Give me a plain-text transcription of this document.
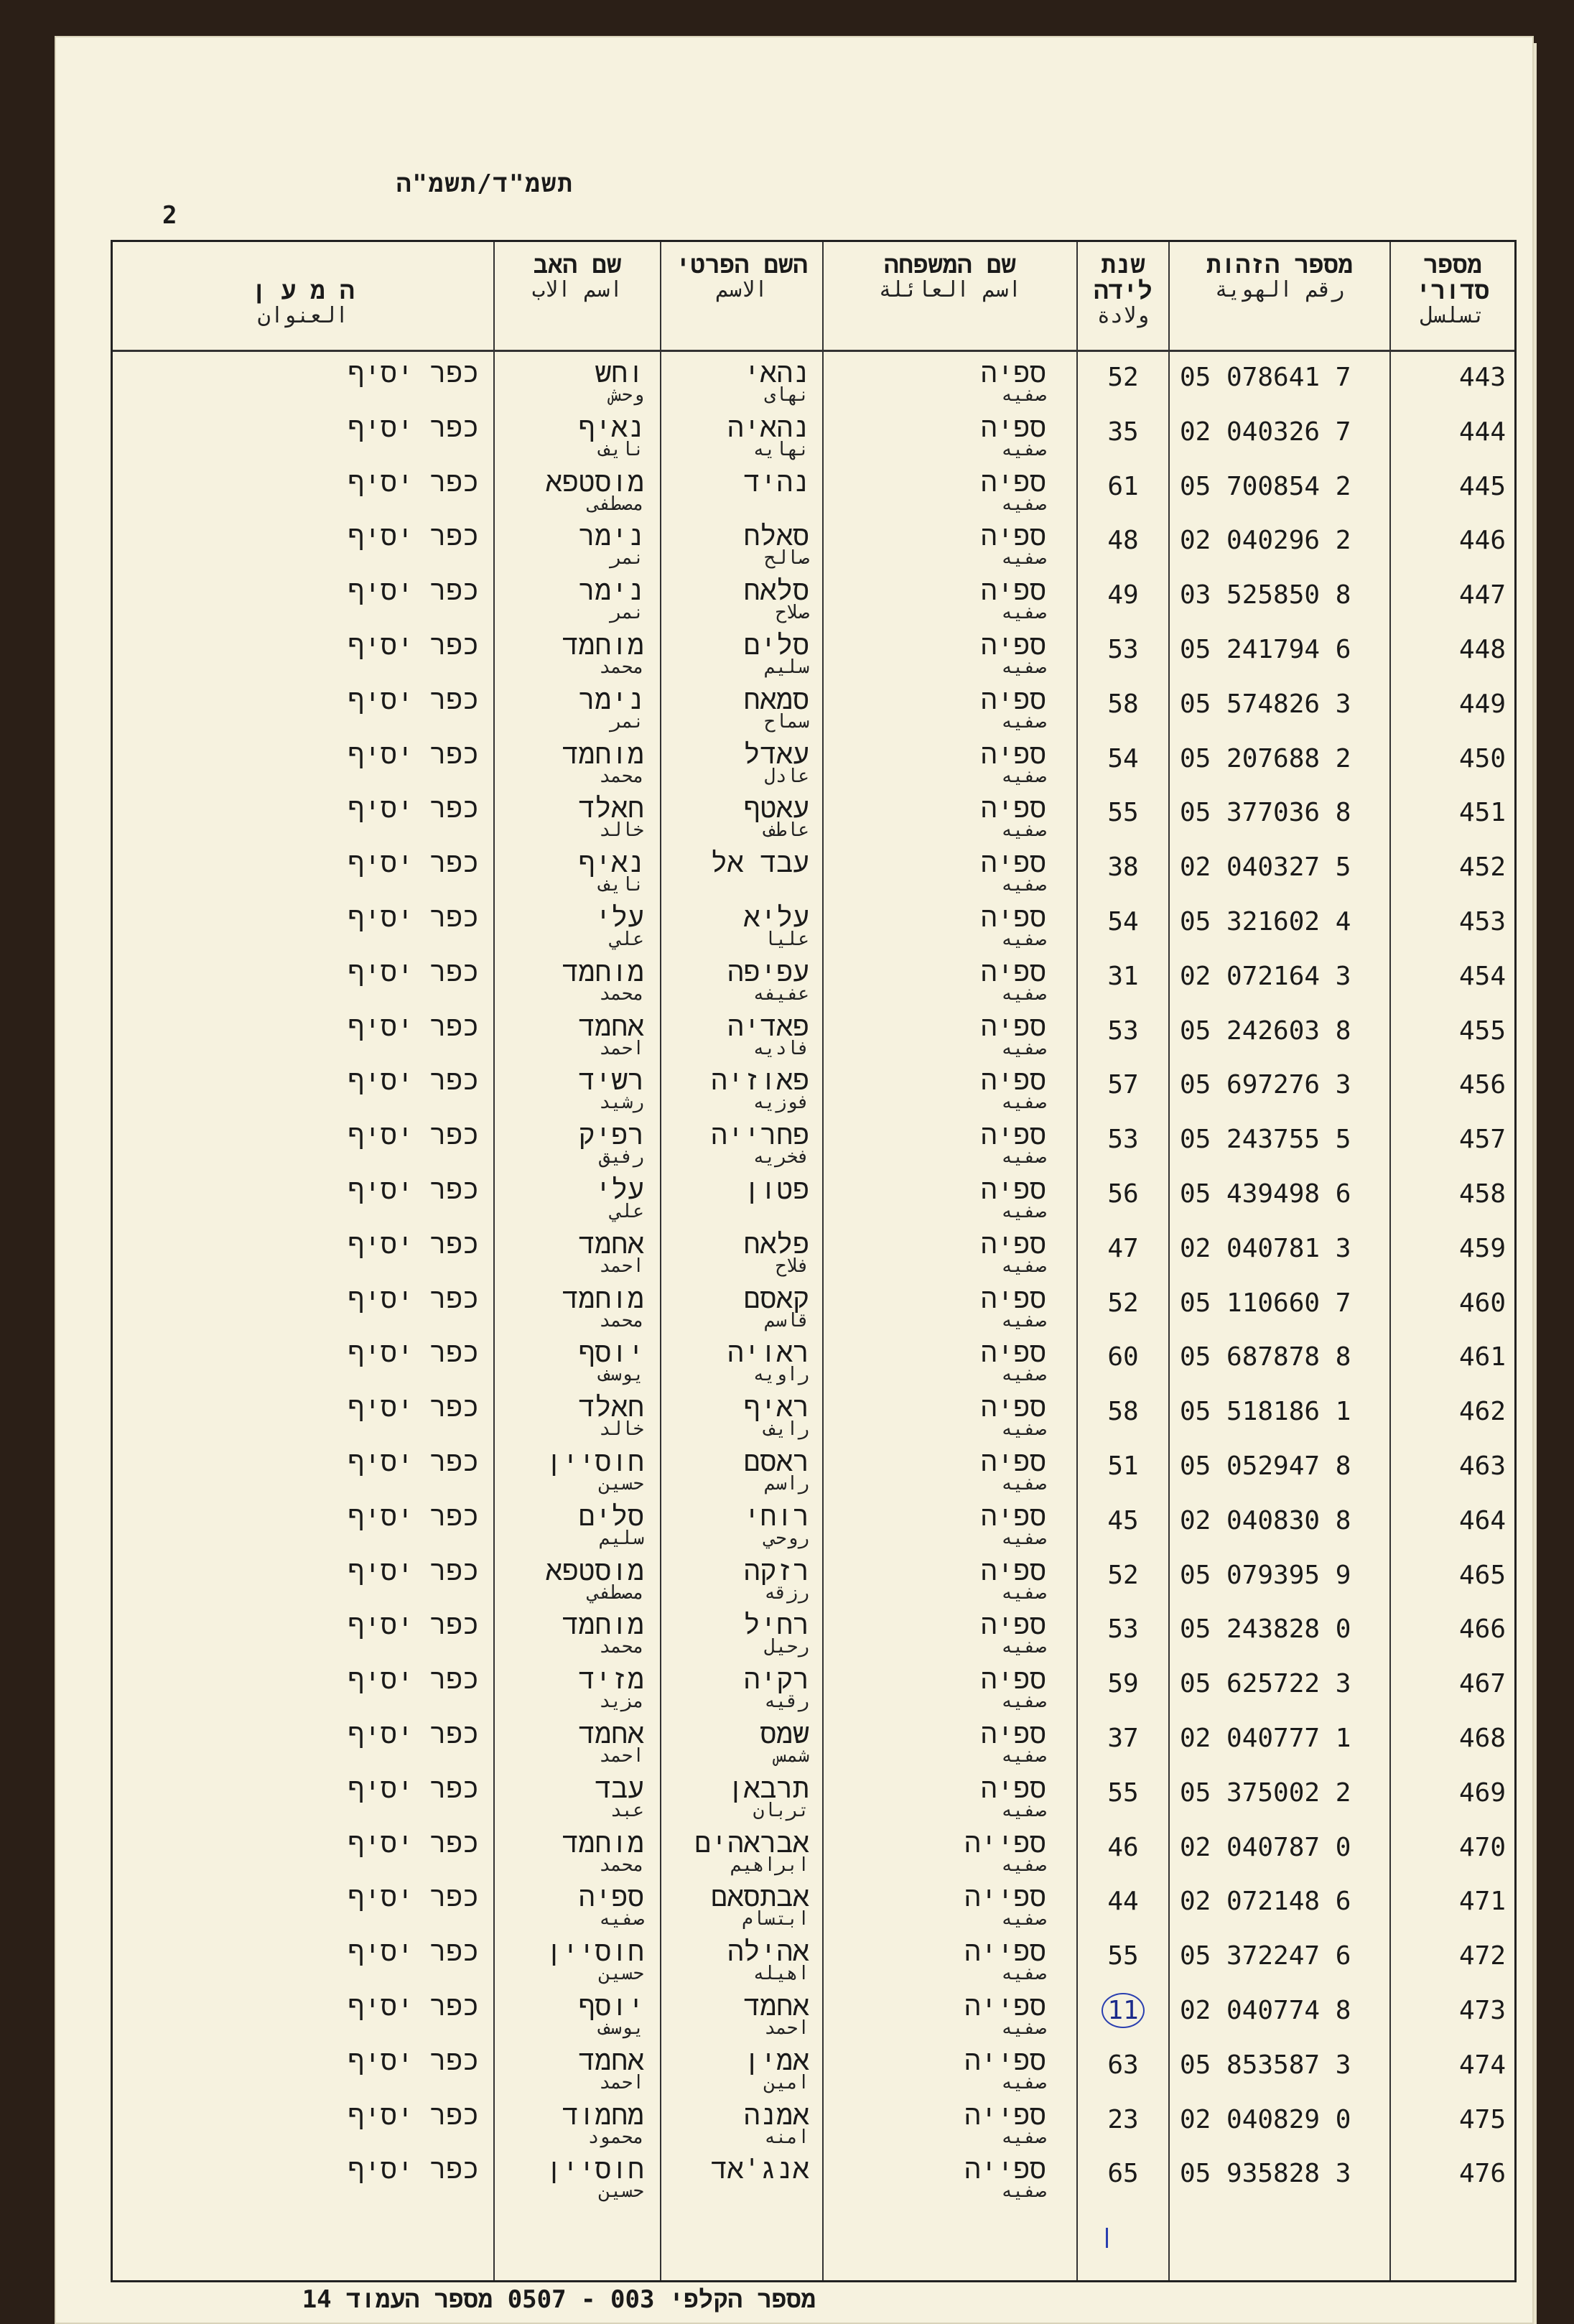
תשמ"ד/תשמ"ה
2
מספר סדורי
تسلسل
מספר הזהות
رقم الهوية
שנת לידה
ولادة
שם המשפחה
اسم العائلة
השם הפרטי
الاسم
שם האב
اسم الاب
ה מ ע ן
العنوان
443
05 078641 7
52
ספיה
صفيه
נהאי
نهاى
וחש
وحش
כפר יסיף
444
02 040326 7
35
ספיה
صفيه
נהאיה
نهايه
נאיף
نايف
כפר יסיף
445
05 700854 2
61
ספיה
صفيه
נהיד
מוסטפא
مصطفى
כפר יסיף
446
02 040296 2
48
ספיה
صفيه
סאלח
صالح
נימר
نمر
כפר יסיף
447
03 525850 8
49
ספיה
صفيه
סלאח
صلاح
נימר
نمر
כפר יסיף
448
05 241794 6
53
ספיה
صفيه
סלים
سليم
מוחמד
محمد
כפר יסיף
449
05 574826 3
58
ספיה
صفيه
סמאח
سماح
נימר
نمر
כפר יסיף
450
05 207688 2
54
ספיה
صفيه
עאדל
عادل
מוחמד
محمد
כפר יסיף
451
05 377036 8
55
ספיה
صفيه
עאטף
عاطف
חאלד
خالد
כפר יסיף
452
02 040327 5
38
ספיה
صفيه
עבד אל
נאיף
نايف
כפר יסיף
453
05 321602 4
54
ספיה
صفيه
עליא
عليا
עלי
علي
כפר יסיף
454
02 072164 3
31
ספיה
صفيه
עפיפה
عفيفه
מוחמד
محمد
כפר יסיף
455
05 242603 8
53
ספיה
صفيه
פאדיה
فاديه
אחמד
احمد
כפר יסיף
456
05 697276 3
57
ספיה
صفيه
פאוזיה
فوزيه
רשיד
رشيد
כפר יסיף
457
05 243755 5
53
ספיה
صفيه
פחרייה
فخريه
רפיק
رفيق
כפר יסיף
458
05 439498 6
56
ספיה
صفيه
פטון
עלי
علي
כפר יסיף
459
02 040781 3
47
ספיה
صفيه
פלאח
فلاح
אחמד
احمد
כפר יסיף
460
05 110660 7
52
ספיה
صفيه
קאסם
قاسم
מוחמד
محمد
כפר יסיף
461
05 687878 8
60
ספיה
صفيه
ראויה
راويه
יוסף
يوسف
כפר יסיף
462
05 518186 1
58
ספיה
صفيه
ראיף
رايف
חאלד
خالد
כפר יסיף
463
05 052947 8
51
ספיה
صفيه
ראסם
راسم
חוסיין
حسين
כפר יסיף
464
02 040830 8
45
ספיה
صفيه
רוחי
روحي
סלים
سليم
כפר יסיף
465
05 079395 9
52
ספיה
صفيه
רזקה
رزقه
מוסטפא
مصطفي
כפר יסיף
466
05 243828 0
53
ספיה
صفيه
רחיל
رحيل
מוחמד
محمد
כפר יסיף
467
05 625722 3
59
ספיה
صفيه
רקיה
رقيه
מזיד
مزيد
כפר יסיף
468
02 040777 1
37
ספיה
صفيه
שמס
شمس
אחמד
احمد
כפר יסיף
469
05 375002 2
55
ספיה
صفيه
תרבאן
تربان
עבד
عبد
כפר יסיף
470
02 040787 0
46
ספייה
صفيه
אבראהים
ابراهيم
מוחמד
محمد
כפר יסיף
471
02 072148 6
44
ספייה
صفيه
אבתסאם
ابتسام
ספיה
صفيه
כפר יסיף
472
05 372247 6
55
ספייה
صفيه
אהילה
اهيله
חוסיין
حسين
כפר יסיף
473
02 040774 8
11
ספייה
صفيه
אחמד
احمد
יוסף
يوسف
כפר יסיף
474
05 853587 3
63
ספייה
صفيه
אמין
امين
אחמד
احمد
כפר יסיף
475
02 040829 0
23
ספייה
صفيه
אמנה
امنه
מחמוד
محمود
כפר יסיף
476
05 935828 3
65
ספייה
صفيه
אנג'אד
חוסיין
حسين
כפר יסיף
מספר הקלפי 003 - 0507 מספר העמוד 14
